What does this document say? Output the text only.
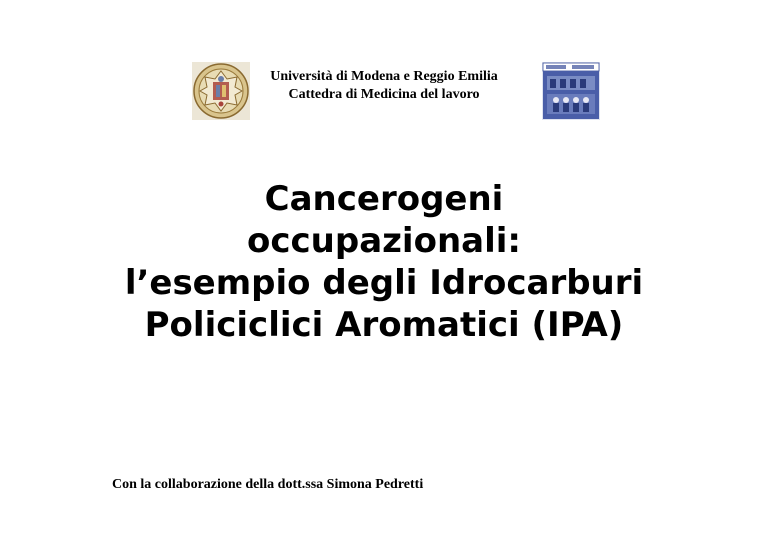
Università di Modena e Reggio Emilia
Cattedra di Medicina del lavoro
Cancerogeni
occupazionali:
l’esempio degli Idrocarburi
Policiclici Aromatici (IPA)
Con la collaborazione della dott.ssa Simona Pedretti
